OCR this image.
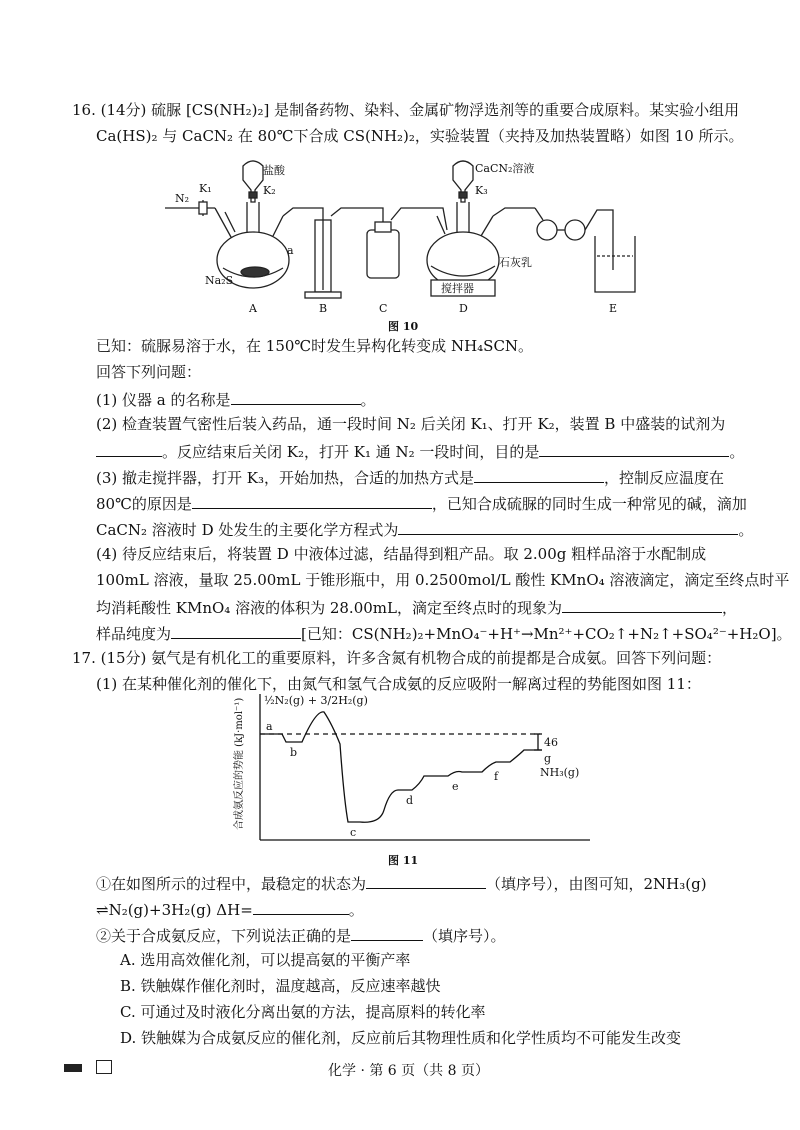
16. (14分) 硫脲 [CS(NH₂)₂] 是制备药物、染料、金属矿物浮选剂等的重要合成原料。某实验小组用
Ca(HS)₂ 与 CaCN₂ 在 80℃下合成 CS(NH₂)₂，实验装置（夹持及加热装置略）如图 10 所示。
N₂
K₁
盐酸
K₂
a
Na₂S
CaCN₂溶液
K₃
石灰乳
搅拌器
A	B	C	D	E
图 10
已知：硫脲易溶于水，在 150℃时发生异构化转变成 NH₄SCN。
回答下列问题：
(1) 仪器 a 的名称是	。
(2) 检查装置气密性后装入药品，通一段时间 N₂ 后关闭 K₁、打开 K₂，装置 B 中盛装的试剂为
。反应结束后关闭 K₂，打开 K₁ 通 N₂ 一段时间，目的是	。
(3) 撤走搅拌器，打开 K₃，开始加热，合适的加热方式是	，控制反应温度在
80℃的原因是	，已知合成硫脲的同时生成一种常见的碱，滴加
CaCN₂ 溶液时 D 处发生的主要化学方程式为	。
(4) 待反应结束后，将装置 D 中液体过滤，结晶得到粗产品。取 2.00g 粗样品溶于水配制成
100mL 溶液，量取 25.00mL 于锥形瓶中，用 0.2500mol/L 酸性 KMnO₄ 溶液滴定，滴定至终点时平
均消耗酸性 KMnO₄ 溶液的体积为 28.00mL，滴定至终点时的现象为	，
样品纯度为	[已知：CS(NH₂)₂+MnO₄⁻+H⁺→Mn²⁺+CO₂↑+N₂↑+SO₄²⁻+H₂O]。
17. (15分) 氨气是有机化工的重要原料，许多含氮有机物合成的前提都是合成氨。回答下列问题：
(1) 在某种催化剂的催化下，由氮气和氢气合成氨的反应吸附一解离过程的势能图如图 11：
½N₂(g) + 3/2H₂(g)
a
b
c
d
e
f
g
NH₃(g)
46
合成氨反应的势能 (kJ·mol⁻¹)
图 11
①在如图所示的过程中，最稳定的状态为	（填序号），由图可知，2NH₃(g)
⇌N₂(g)+3H₂(g) ΔH=	。
②关于合成氨反应，下列说法正确的是	（填序号）。
A. 选用高效催化剂，可以提高氨的平衡产率
B. 铁触媒作催化剂时，温度越高，反应速率越快
C. 可通过及时液化分离出氨的方法，提高原料的转化率
D. 铁触媒为合成氨反应的催化剂，反应前后其物理性质和化学性质均不可能发生改变
化学 · 第 6 页（共 8 页）
